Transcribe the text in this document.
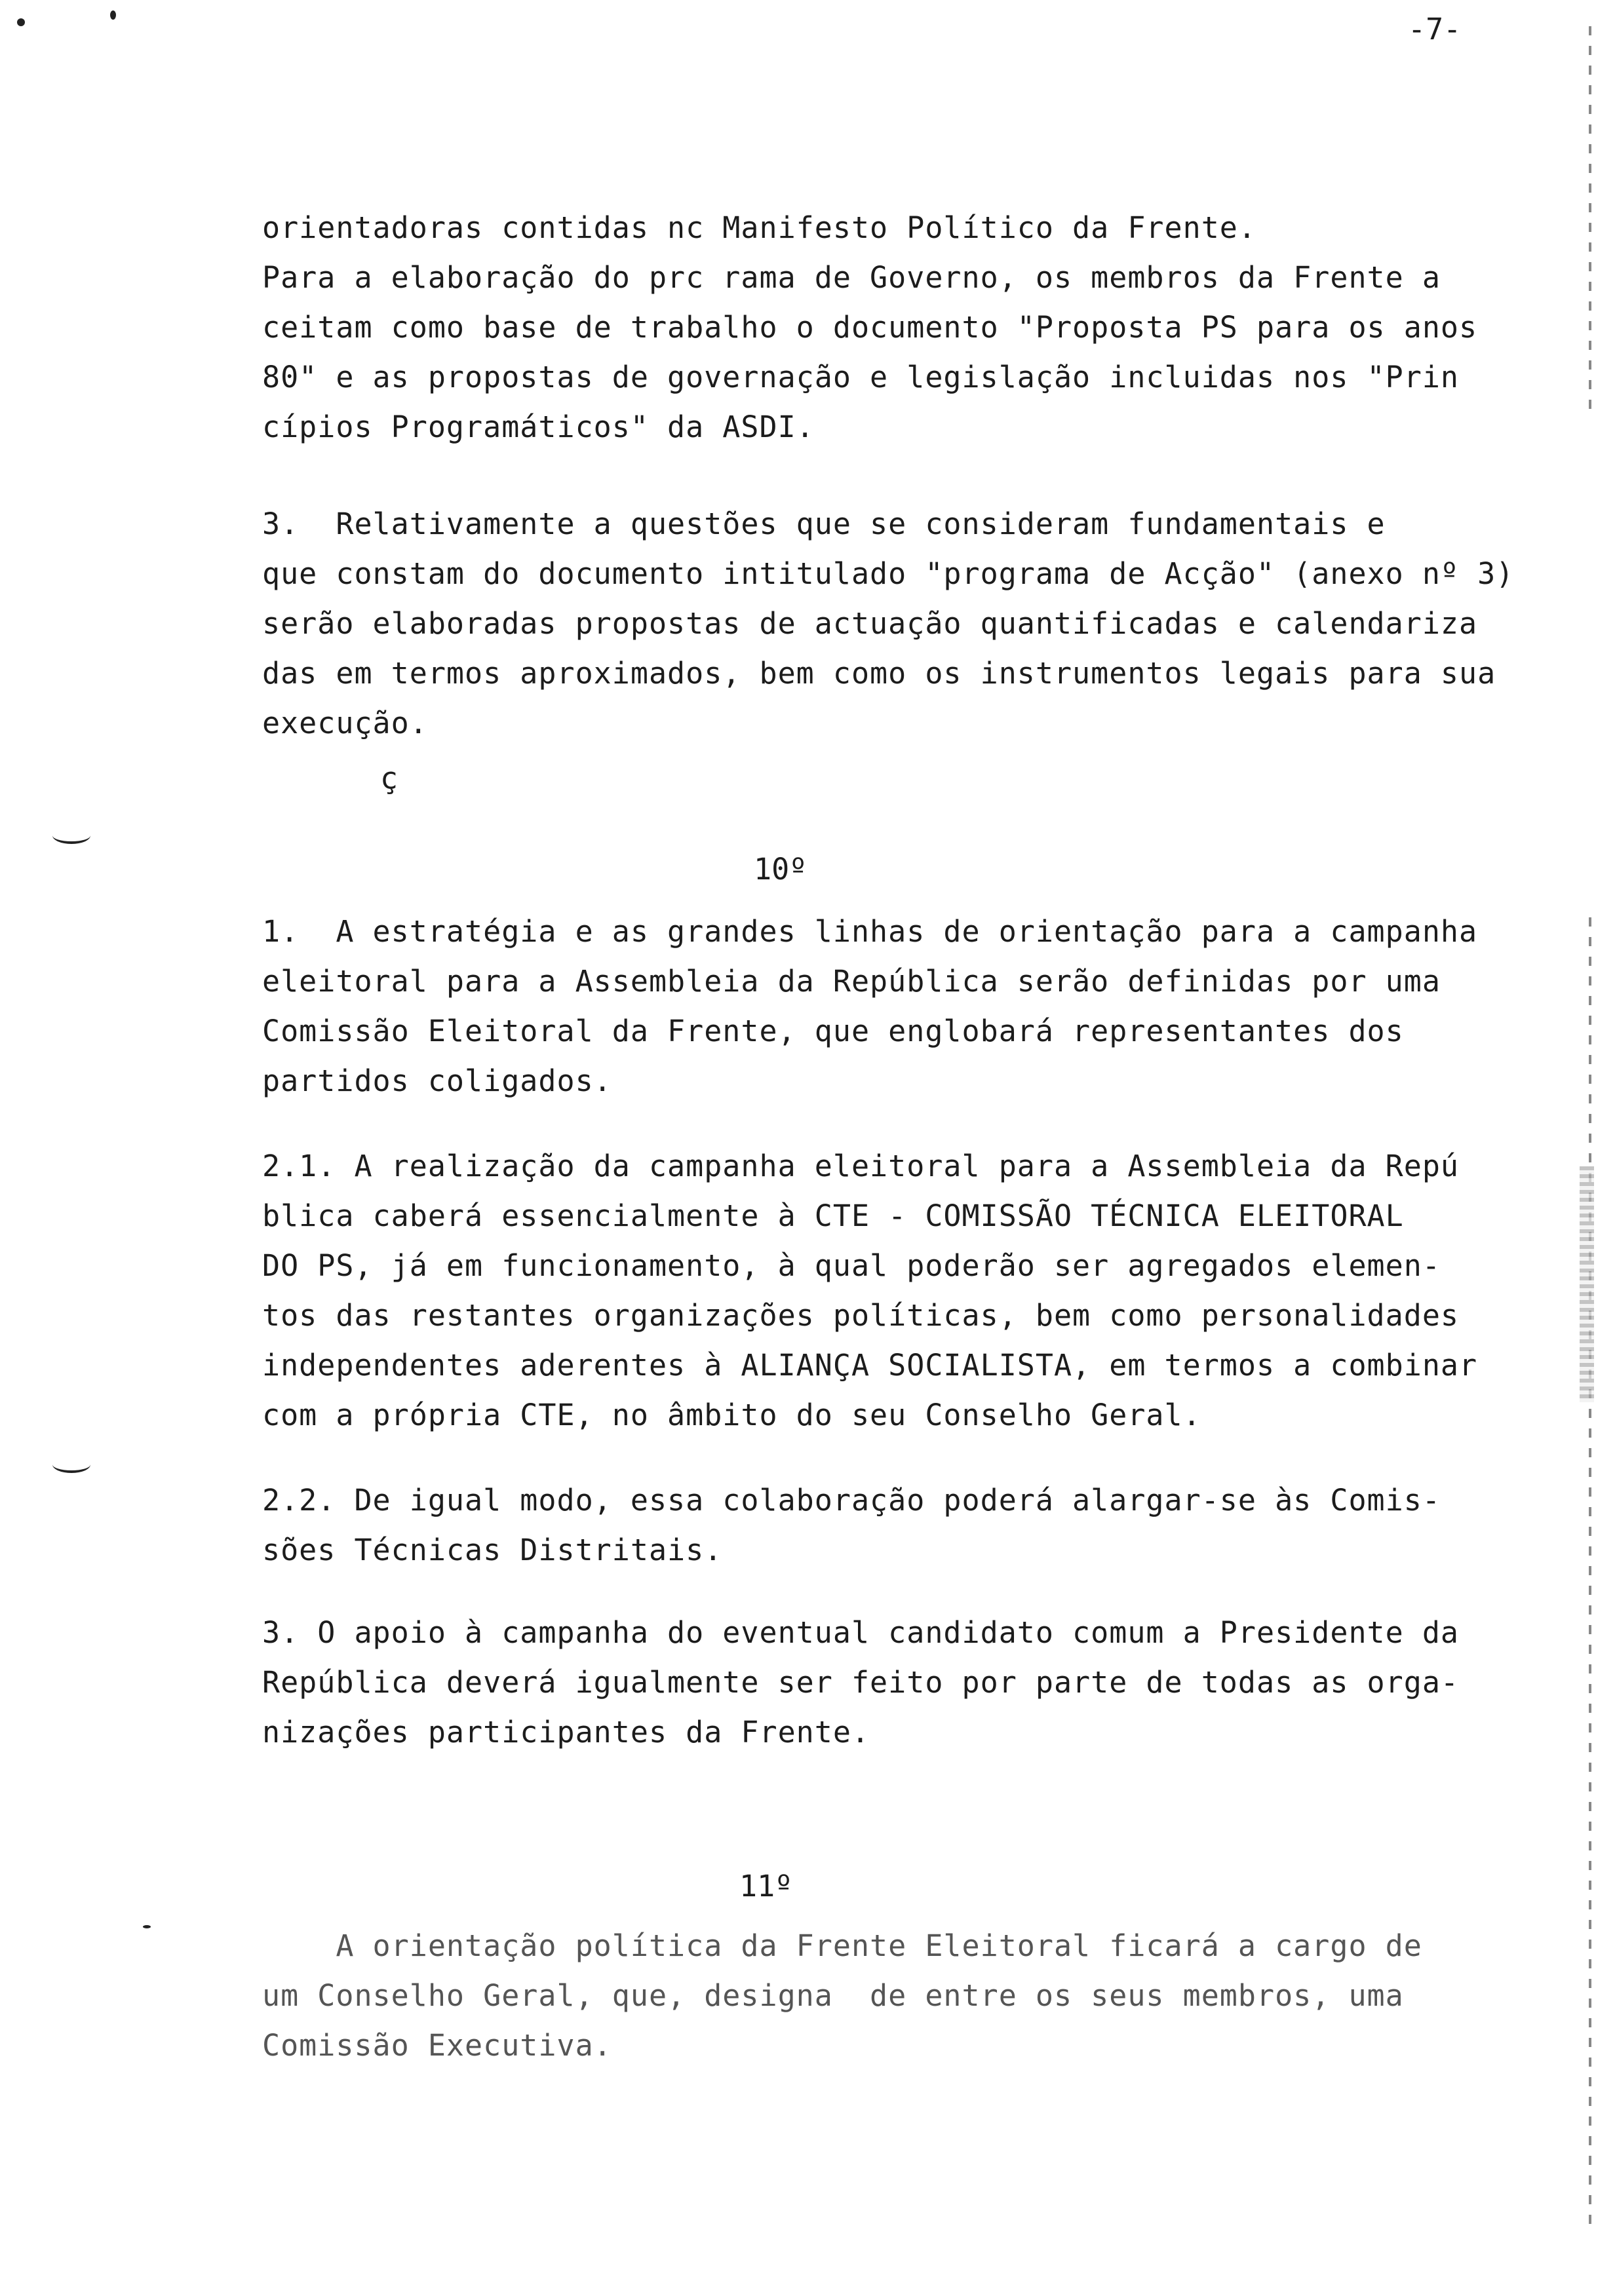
-7-
orientadoras contidas nc Manifesto Político da Frente.
Para a elaboração do prc rama de Governo, os membros da Frente a
ceitam como base de trabalho o documento "Proposta PS para os anos
80" e as propostas de governação e legislação incluidas nos "Prin
cípios Programáticos" da ASDI.
3.  Relativamente a questões que se consideram fundamentais e
que constam do documento intitulado "programa de Acção" (anexo nº 3)
serão elaboradas propostas de actuação quantificadas e calendariza
das em termos aproximados, bem como os instrumentos legais para sua
execução.
ç
10º
1.  A estratégia e as grandes linhas de orientação para a campanha
eleitoral para a Assembleia da República serão definidas por uma
Comissão Eleitoral da Frente, que englobará representantes dos
partidos coligados.
2.1. A realização da campanha eleitoral para a Assembleia da Repú
blica caberá essencialmente à CTE - COMISSÃO TÉCNICA ELEITORAL
DO PS, já em funcionamento, à qual poderão ser agregados elemen-
tos das restantes organizações políticas, bem como personalidades
independentes aderentes à ALIANÇA SOCIALISTA, em termos a combinar
com a própria CTE, no âmbito do seu Conselho Geral.
2.2. De igual modo, essa colaboração poderá alargar-se às Comis-
sões Técnicas Distritais.
3. O apoio à campanha do eventual candidato comum a Presidente da
República deverá igualmente ser feito por parte de todas as orga-
nizações participantes da Frente.
11º
A orientação política da Frente Eleitoral ficará a cargo de
um Conselho Geral, que, designa  de entre os seus membros, uma
Comissão Executiva.
